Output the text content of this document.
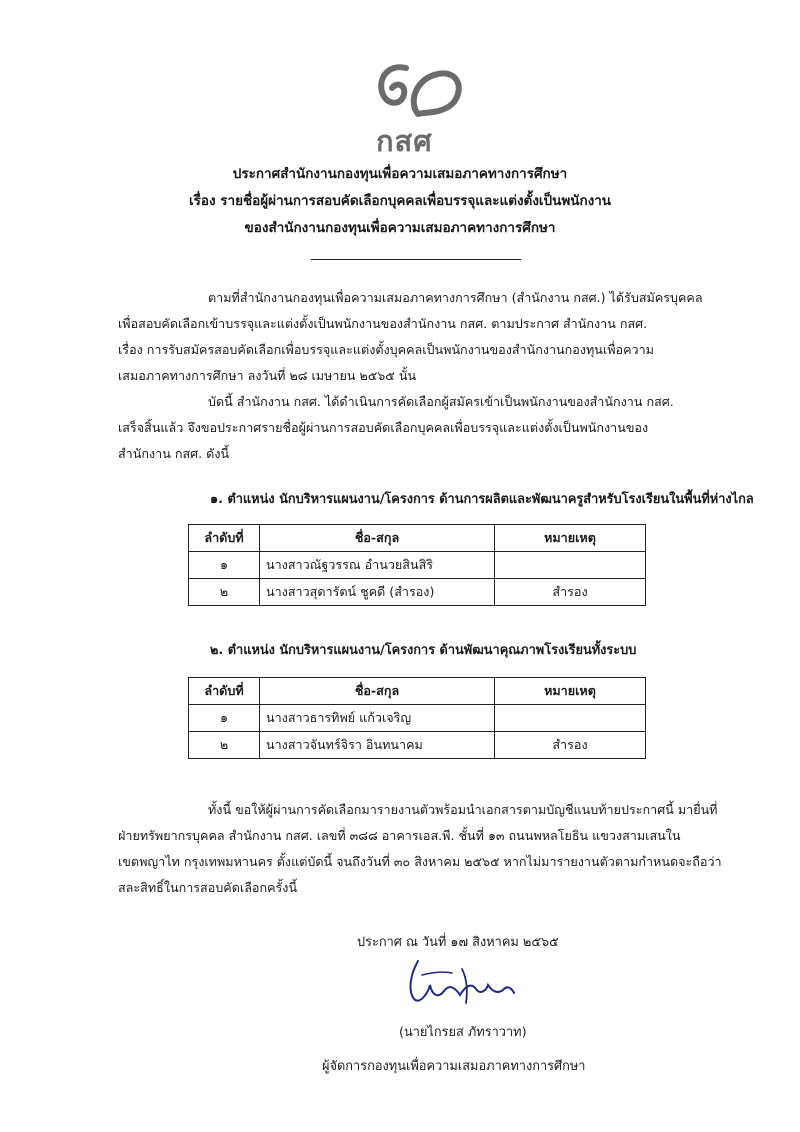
กสศ
ประกาศสำนักงานกองทุนเพื่อความเสมอภาคทางการศึกษา
เรื่อง รายชื่อผู้ผ่านการสอบคัดเลือกบุคคลเพื่อบรรจุและแต่งตั้งเป็นพนักงาน
ของสำนักงานกองทุนเพื่อความเสมอภาคทางการศึกษา
ตามที่สำนักงานกองทุนเพื่อความเสมอภาคทางการศึกษา (สำนักงาน กสศ.) ได้รับสมัครบุคคล
เพื่อสอบคัดเลือกเข้าบรรจุและแต่งตั้งเป็นพนักงานของสำนักงาน กสศ. ตามประกาศ สำนักงาน กสศ.
เรื่อง การรับสมัครสอบคัดเลือกเพื่อบรรจุและแต่งตั้งบุคคลเป็นพนักงานของสำนักงานกองทุนเพื่อความ
เสมอภาคทางการศึกษา ลงวันที่ ๒๘ เมษายน ๒๕๖๕ นั้น
บัดนี้ สำนักงาน กสศ. ได้ดำเนินการคัดเลือกผู้สมัครเข้าเป็นพนักงานของสำนักงาน กสศ.
เสร็จสิ้นแล้ว จึงขอประกาศรายชื่อผู้ผ่านการสอบคัดเลือกบุคคลเพื่อบรรจุและแต่งตั้งเป็นพนักงานของ
สำนักงาน กสศ. ดังนี้
๑. ตำแหน่ง นักบริหารแผนงาน/โครงการ ด้านการผลิตและพัฒนาครูสำหรับโรงเรียนในพื้นที่ห่างไกล
ลำดับที่	ชื่อ-สกุล	หมายเหตุ
๑	นางสาวณัฐวรรณ อำนวยสินสิริ	
๒	นางสาวสุดารัตน์ ชูคดี (สำรอง)	สำรอง
๒. ตำแหน่ง นักบริหารแผนงาน/โครงการ ด้านพัฒนาคุณภาพโรงเรียนทั้งระบบ
ลำดับที่	ชื่อ-สกุล	หมายเหตุ
๑	นางสาวธารทิพย์ แก้วเจริญ	
๒	นางสาวจันทร์จิรา อินทนาคม	สำรอง
ทั้งนี้ ขอให้ผู้ผ่านการคัดเลือกมารายงานตัวพร้อมนำเอกสารตามบัญชีแนบท้ายประกาศนี้ มายื่นที่
ฝ่ายทรัพยากรบุคคล สำนักงาน กสศ. เลขที่ ๓๘๘ อาคารเอส.พี. ชั้นที่ ๑๓ ถนนพหลโยธิน แขวงสามเสนใน
เขตพญาไท กรุงเทพมหานคร ตั้งแต่บัดนี้ จนถึงวันที่ ๓๐ สิงหาคม ๒๕๖๕ หากไม่มารายงานตัวตามกำหนดจะถือว่า
สละสิทธิ์ในการสอบคัดเลือกครั้งนี้
ประกาศ ณ วันที่ ๑๗ สิงหาคม ๒๕๖๕
(นายไกรยส ภัทราวาท)
ผู้จัดการกองทุนเพื่อความเสมอภาคทางการศึกษา
